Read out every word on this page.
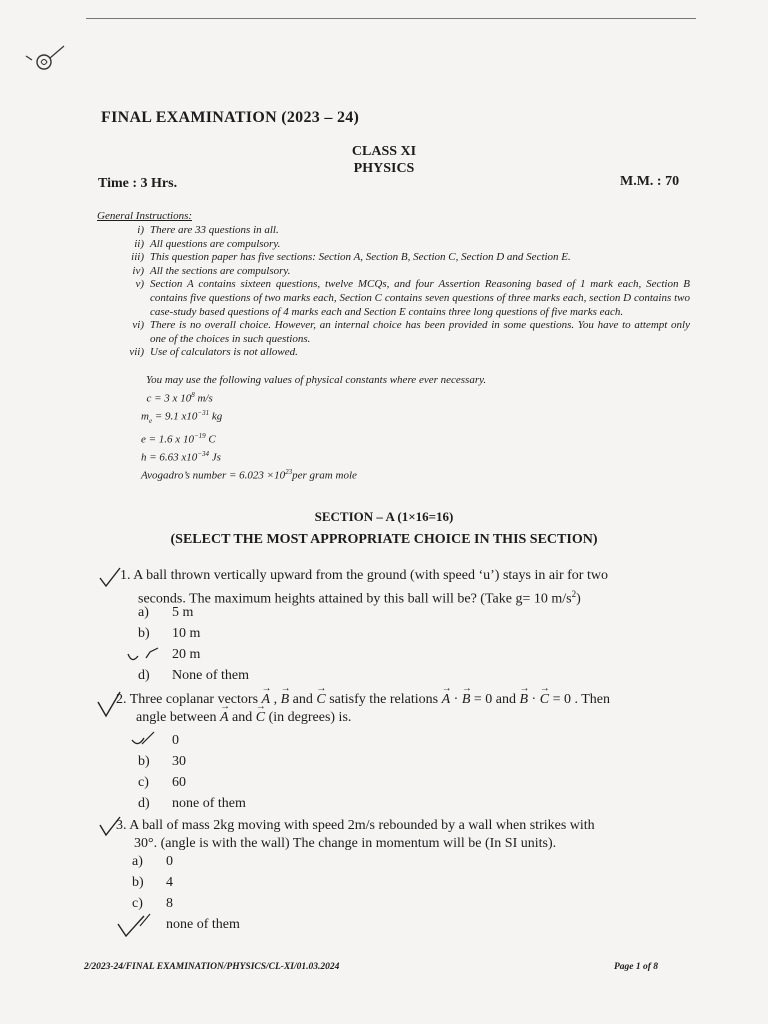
FINAL EXAMINATION (2023 – 24)
CLASS XI
PHYSICS
Time : 3 Hrs.	M.M. : 70
General Instructions:
i) There are 33 questions in all.
ii) All questions are compulsory.
iii) This question paper has five sections: Section A, Section B, Section C, Section D and Section E.
iv) All the sections are compulsory.
v) Section A contains sixteen questions, twelve MCQs, and four Assertion Reasoning based of 1 mark each, Section B contains five questions of two marks each, Section C contains seven questions of three marks each, section D contains two case-study based questions of 4 marks each and Section E contains three long questions of five marks each.
vi) There is no overall choice. However, an internal choice has been provided in some questions. You have to attempt only one of the choices in such questions.
vii) Use of calculators is not allowed.
You may use the following values of physical constants where ever necessary.
c = 3 x $10^8$ m/s
$m_e = 9.1$ $x10^{-31}$ kg
e = 1.6 x $10^{-19}$ C
h = 6.63 $x10^{-34}$ Js
Avogadro’s number = $6.023 \times 10^{23}per$ gram mole
SECTION – A (1×16=16)
(SELECT THE MOST APPROPRIATE CHOICE IN THIS SECTION)
1. A ball thrown vertically upward from the ground (with speed ‘u’) stays in air for two
seconds. The maximum heights attained by this ball will be? (Take g= 10 $m/s^2$)
a) 5 m
b) 10 m
20 m
d) None of them
2. Three coplanar vectors → A , → B and → C satisfy the relations → A · → B = 0 and → B · → C = 0 . Then
angle between → A and → C (in degrees) is.
0
b) 30
c) 60
d) none of them
3. A ball of mass 2kg moving with speed 2m/s rebounded by a wall when strikes with
30°. (angle is with the wall) The change in momentum will be (In SI units).
a) 0
b) 4
c) 8
none of them
2/2023-24/FINAL EXAMINATION/PHYSICS/CL-XI/01.03.2024	Page 1 of 8
